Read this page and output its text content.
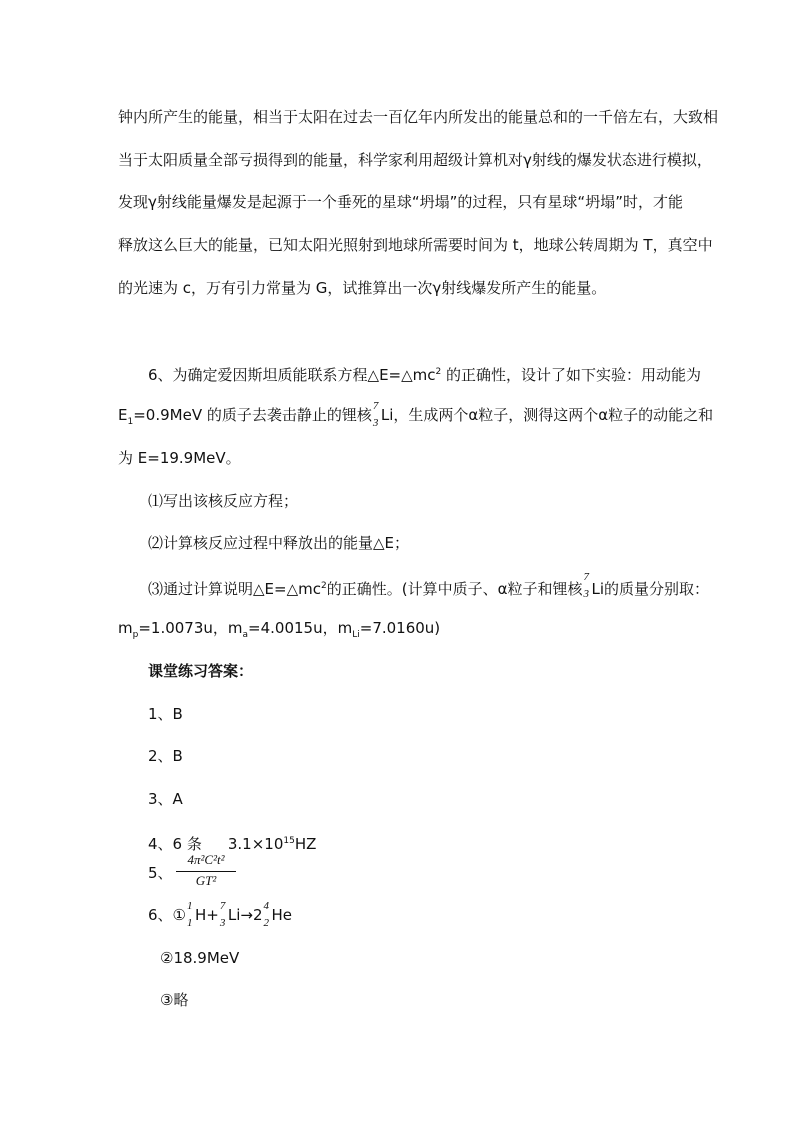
钟内所产生的能量，相当于太阳在过去一百亿年内所发出的能量总和的一千倍左右，大致相
当于太阳质量全部亏损得到的能量，科学家利用超级计算机对γ射线的爆发状态进行模拟，
发现γ射线能量爆发是起源于一个垂死的星球“坍塌”的过程，只有星球“坍塌”时，才能
释放这么巨大的能量，已知太阳光照射到地球所需要时间为 t，地球公转周期为 T，真空中
的光速为 c，万有引力常量为 G，试推算出一次γ射线爆发所产生的能量。
6、为确定爱因斯坦质能联系方程$\triangle E=\triangle mc^2$ 的正确性，设计了如下实验：用动能为
$E_1=0.9MeV$ 的质子去袭击静止的锂核 7
3 Li，生成两个α粒子，测得这两个α粒子的动能之和
为 E=19.9MeV。
⑴写出该核反应方程；
⑵计算核反应过程中释放出的能量△E；
⑶通过计算说明$\triangle E=\triangle mc^2$的正确性。(计算中质子、α粒子和锂核
7
3 Li的质量分别取：
$m_p=1.0073u$，$m_a=4.0015u$，$m_{Li}=7.0160u$)
课堂练习答案：
1、B
2、B
3、A
4、6 条 $3.1\times 10^{15}HZ$
5、
4π²C²t²
GT²
6、① 1
1 H+ 7
3 Li→2 4
2 He
②18.9MeV
③略
